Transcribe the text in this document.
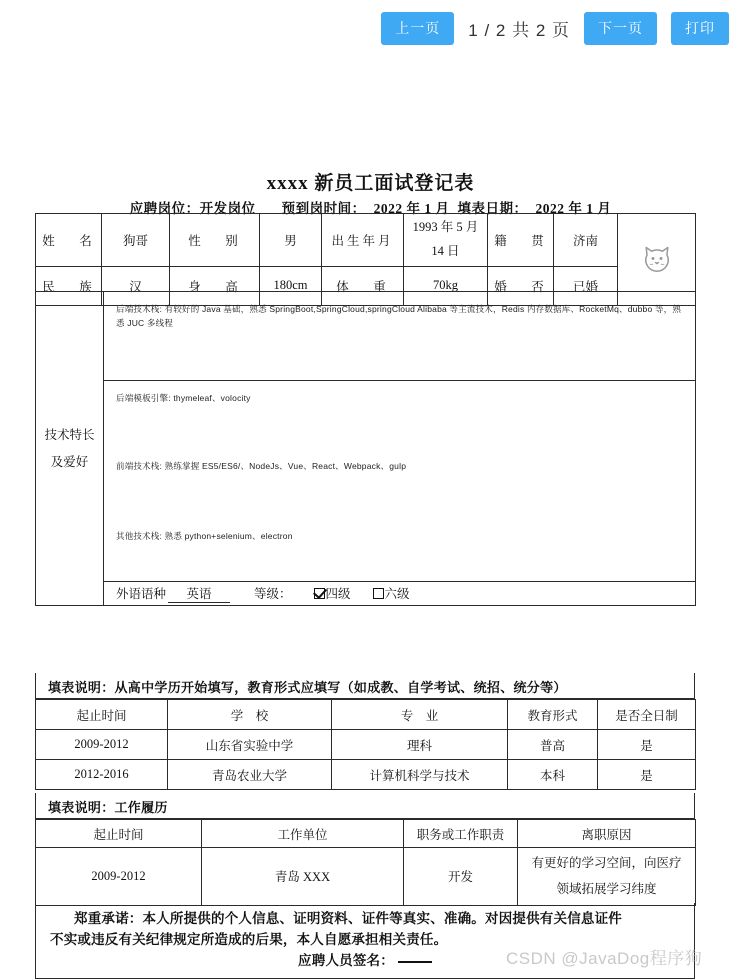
上一页	1 / 2 共 2 页	下一页	打印
xxxx 新员工面试登记表
应聘岗位：开发岗位 预到岗时间： 2022 年 1 月 填表日期： 2022 年 1 月
姓　名	狗哥	性　别	男	出生年月	1993 年 5 月 14 日	籍　贯	济南	

民　族	汉	身　高	180cm	体　重	70kg	婚　否	已婚	
技术特长
及爱好

后端技术栈: 有较好的 Java 基础，熟悉 SpringBoot,SpringCloud,springCloud Alibaba 等主流技术，Redis 内存数据库、RocketMq、dubbo 等，熟悉 JUC 多线程

后端模板引擎: thymeleaf、volocity

前端技术栈: 熟练掌握 ES5/ES6/、NodeJs、Vue、React、Webpack、gulp

其他技术栈: 熟悉 python+selenium、electron

外语语种 英语	等级：	四级	六级
填表说明：从高中学历开始填写，教育形式应填写（如成教、自学考试、统招、统分等）
起止时间	学　校	专　业	教育形式	是否全日制
2009-2012	山东省实验中学	理科	普高	是
2012-2016	青岛农业大学	计算机科学与技术	本科	是
填表说明：工作履历
起止时间	工作单位	职务或工作职责	离职原因
2009-2012	青岛 XXX	开发	有更好的学习空间，向医疗
领域拓展学习纬度

郑重承诺：本人所提供的个人信息、证明资料、证件等真实、准确。对因提供有关信息证件

不实或违反有关纪律规定所造成的后果，本人自愿承担相关责任。

应聘人员签名：	CSDN @JavaDog程序狗
